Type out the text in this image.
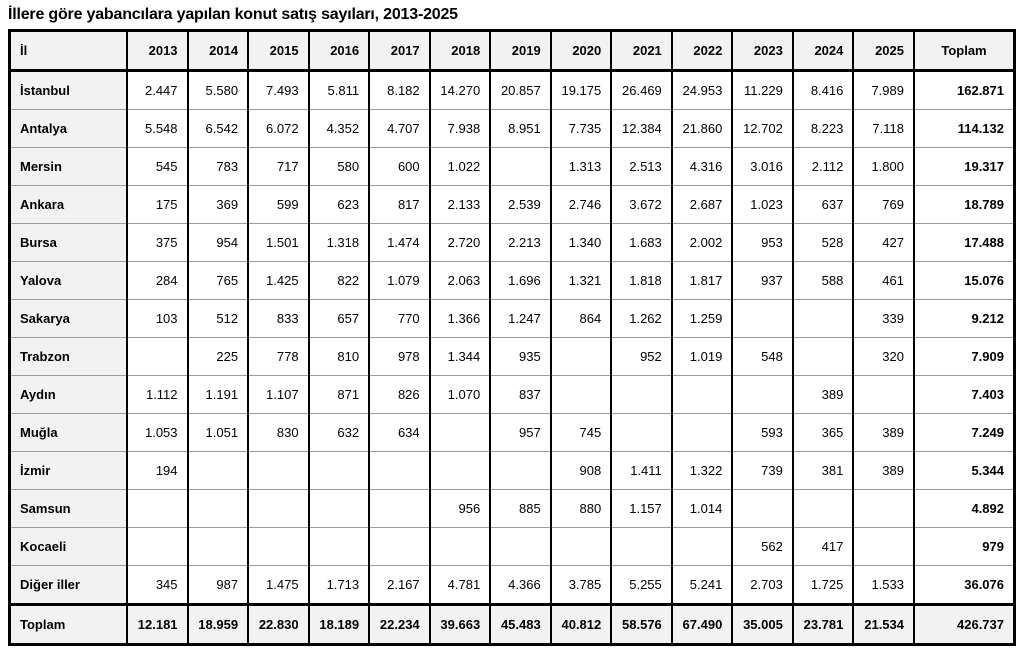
İllere göre yabancılara yapılan konut satış sayıları, 2013-2025
İl	2013	2014	2015	2016	2017	2018	2019	2020	2021	2022	2023	2024	2025	Toplam
İstanbul	2.447	5.580	7.493	5.811	8.182	14.270	20.857	19.175	26.469	24.953	11.229	8.416	7.989	162.871
Antalya	5.548	6.542	6.072	4.352	4.707	7.938	8.951	7.735	12.384	21.860	12.702	8.223	7.118	114.132
Mersin	545	783	717	580	600	1.022		1.313	2.513	4.316	3.016	2.112	1.800	19.317
Ankara	175	369	599	623	817	2.133	2.539	2.746	3.672	2.687	1.023	637	769	18.789
Bursa	375	954	1.501	1.318	1.474	2.720	2.213	1.340	1.683	2.002	953	528	427	17.488
Yalova	284	765	1.425	822	1.079	2.063	1.696	1.321	1.818	1.817	937	588	461	15.076
Sakarya	103	512	833	657	770	1.366	1.247	864	1.262	1.259			339	9.212
Trabzon		225	778	810	978	1.344	935		952	1.019	548		320	7.909
Aydın	1.112	1.191	1.107	871	826	1.070	837					389		7.403
Muğla	1.053	1.051	830	632	634		957	745			593	365	389	7.249
İzmir	194							908	1.411	1.322	739	381	389	5.344
Samsun						956	885	880	1.157	1.014				4.892
Kocaeli											562	417		979
Diğer iller	345	987	1.475	1.713	2.167	4.781	4.366	3.785	5.255	5.241	2.703	1.725	1.533	36.076
Toplam	12.181	18.959	22.830	18.189	22.234	39.663	45.483	40.812	58.576	67.490	35.005	23.781	21.534	426.737
